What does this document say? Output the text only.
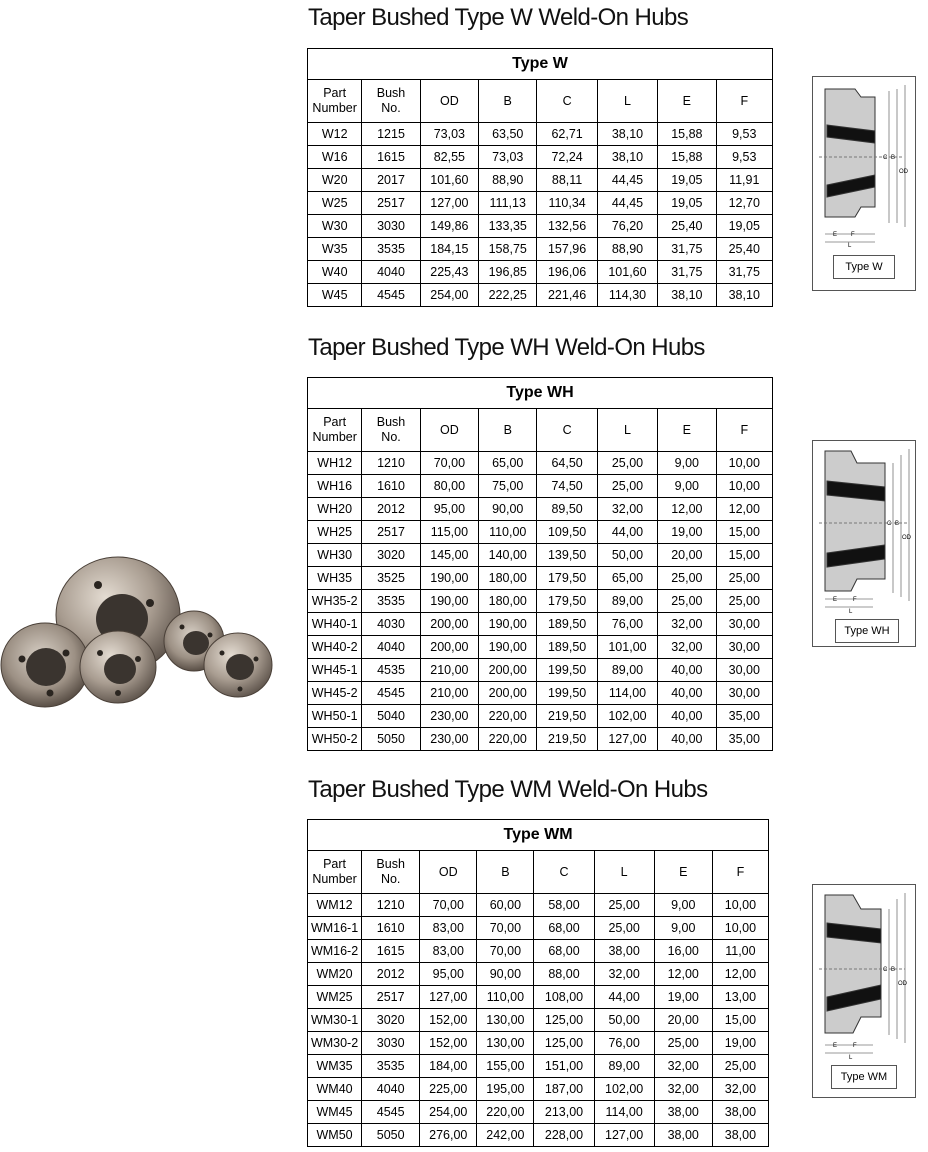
Taper Bushed Type W Weld-On Hubs
Taper Bushed Type WH Weld-On Hubs
Taper Bushed Type WM Weld-On Hubs
Type W							
Part Number	Bush No.	OD	B	C	L	E	F
W12	1215	73,03	63,50	62,71	38,10	15,88	9,53
W16	1615	82,55	73,03	72,24	38,10	15,88	9,53
W20	2017	101,60	88,90	88,11	44,45	19,05	11,91
W25	2517	127,00	111,13	110,34	44,45	19,05	12,70
W30	3030	149,86	133,35	132,56	76,20	25,40	19,05
W35	3535	184,15	158,75	157,96	88,90	31,75	25,40
W40	4040	225,43	196,85	196,06	101,60	31,75	31,75
W45	4545	254,00	222,25	221,46	114,30	38,10	38,10
Type WH							
Part Number	Bush No.	OD	B	C	L	E	F
WH12	1210	70,00	65,00	64,50	25,00	9,00	10,00
WH16	1610	80,00	75,00	74,50	25,00	9,00	10,00
WH20	2012	95,00	90,00	89,50	32,00	12,00	12,00
WH25	2517	115,00	110,00	109,50	44,00	19,00	15,00
WH30	3020	145,00	140,00	139,50	50,00	20,00	15,00
WH35	3525	190,00	180,00	179,50	65,00	25,00	25,00
WH35-2	3535	190,00	180,00	179,50	89,00	25,00	25,00
WH40-1	4030	200,00	190,00	189,50	76,00	32,00	30,00
WH40-2	4040	200,00	190,00	189,50	101,00	32,00	30,00
WH45-1	4535	210,00	200,00	199,50	89,00	40,00	30,00
WH45-2	4545	210,00	200,00	199,50	114,00	40,00	30,00
WH50-1	5040	230,00	220,00	219,50	102,00	40,00	35,00
WH50-2	5050	230,00	220,00	219,50	127,00	40,00	35,00
Type WM							
Part Number	Bush No.	OD	B	C	L	E	F
WM12	1210	70,00	60,00	58,00	25,00	9,00	10,00
WM16-1	1610	83,00	70,00	68,00	25,00	9,00	10,00
WM16-2	1615	83,00	70,00	68,00	38,00	16,00	11,00
WM20	2012	95,00	90,00	88,00	32,00	12,00	12,00
WM25	2517	127,00	110,00	108,00	44,00	19,00	13,00
WM30-1	3020	152,00	130,00	125,00	50,00	20,00	15,00
WM30-2	3030	152,00	130,00	125,00	76,00	25,00	19,00
WM35	3535	184,00	155,00	151,00	89,00	32,00	25,00
WM40	4040	225,00	195,00	187,00	102,00	32,00	32,00
WM45	4545	254,00	220,00	213,00	114,00	38,00	38,00
WM50	5050	276,00	242,00	228,00	127,00	38,00	38,00
C B
OD
E F
L
Type W
C B
OD
E	F
L
Type WH
C B
OD
E	F
L
Type WM
